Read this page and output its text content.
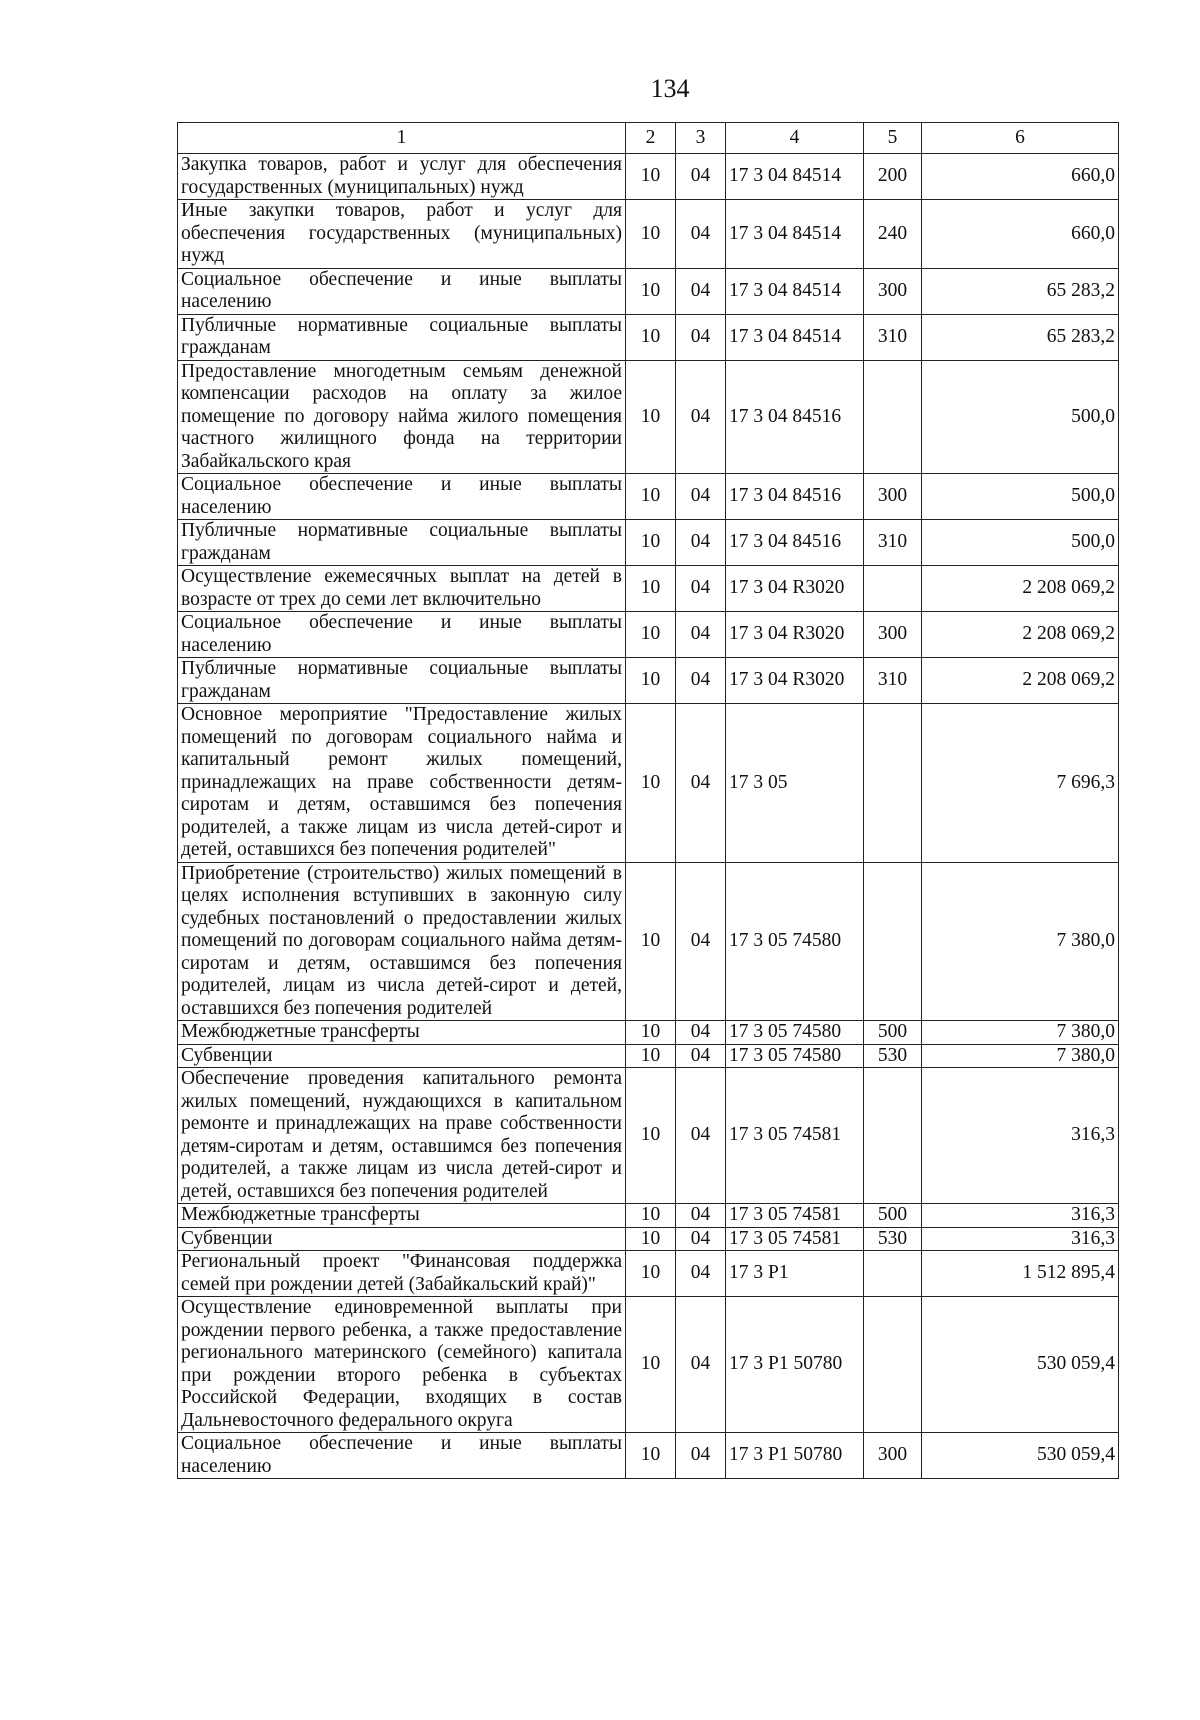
134
1	2	3	4	5	6
Закупка товаров, работ и услуг для обеспечения государственных (муниципальных) нужд	10	04	17 3 04 84514	200	660,0
Иные закупки товаров, работ и услуг для обеспечения государственных (муниципальных) нужд	10	04	17 3 04 84514	240	660,0
Социальное обеспечение и иные выплаты населению	10	04	17 3 04 84514	300	65 283,2
Публичные нормативные социальные выплаты гражданам	10	04	17 3 04 84514	310	65 283,2
Предоставление многодетным семьям денежной компенсации расходов на оплату за жилое помещение по договору найма жилого помещения частного жилищного фонда на территории Забайкальского края	10	04	17 3 04 84516		500,0
Социальное обеспечение и иные выплаты населению	10	04	17 3 04 84516	300	500,0
Публичные нормативные социальные выплаты гражданам	10	04	17 3 04 84516	310	500,0
Осуществление ежемесячных выплат на детей в возрасте от трех до семи лет включительно	10	04	17 3 04 R3020		2 208 069,2
Социальное обеспечение и иные выплаты населению	10	04	17 3 04 R3020	300	2 208 069,2
Публичные нормативные социальные выплаты гражданам	10	04	17 3 04 R3020	310	2 208 069,2
Основное мероприятие "Предоставление жилых помещений по договорам социального найма и капитальный ремонт жилых помещений, принадлежащих на праве собственности детям-сиротам и детям, оставшимся без попечения родителей, а также лицам из числа детей-сирот и детей, оставшихся без попечения родителей"	10	04	17 3 05		7 696,3
Приобретение (строительство) жилых помещений в целях исполнения вступивших в законную силу судебных постановлений о предоставлении жилых помещений по договорам социального найма детям-сиротам и детям, оставшимся без попечения родителей, лицам из числа детей-сирот и детей, оставшихся без попечения родителей	10	04	17 3 05 74580		7 380,0
Межбюджетные трансферты	10	04	17 3 05 74580	500	7 380,0
Субвенции	10	04	17 3 05 74580	530	7 380,0
Обеспечение проведения капитального ремонта жилых помещений, нуждающихся в капитальном ремонте и принадлежащих на праве собственности детям-сиротам и детям, оставшимся без попечения родителей, а также лицам из числа детей-сирот и детей, оставшихся без попечения родителей	10	04	17 3 05 74581		316,3
Межбюджетные трансферты	10	04	17 3 05 74581	500	316,3
Субвенции	10	04	17 3 05 74581	530	316,3
Региональный проект "Финансовая поддержка семей при рождении детей (Забайкальский край)"	10	04	17 3 P1		1 512 895,4
Осуществление единовременной выплаты при рождении первого ребенка, а также предоставление регионального материнского (семейного) капитала при рождении второго ребенка в субъектах Российской Федерации, входящих в состав Дальневосточного федерального округа	10	04	17 3 P1 50780		530 059,4
Социальное обеспечение и иные выплаты населению	10	04	17 3 P1 50780	300	530 059,4
